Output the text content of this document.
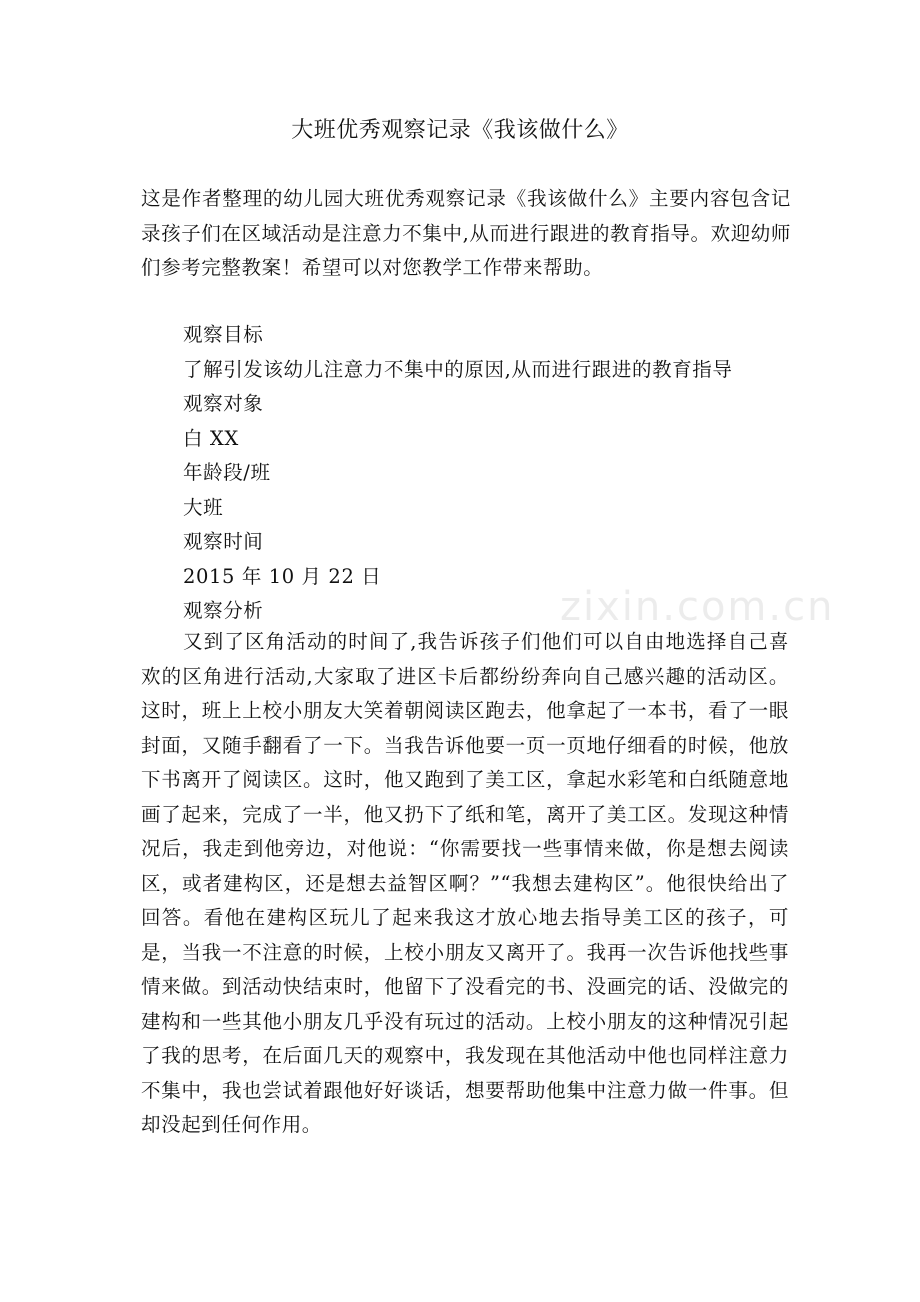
大班优秀观察记录《我该做什么》
这是作者整理的幼儿园大班优秀观察记录《我该做什么》主要内容包含记录孩子们在区域活动是注意力不集中,从而进行跟进的教育指导。欢迎幼师们参考完整教案！希望可以对您教学工作带来帮助。
观察目标
了解引发该幼儿注意力不集中的原因,从而进行跟进的教育指导
观察对象
白 XX
年龄段/班
大班
观察时间
2015 年 10 月 22 日
观察分析	zixin.com.cn
又到了区角活动的时间了,我告诉孩子们他们可以自由地选择自己喜欢的区角进行活动,大家取了进区卡后都纷纷奔向自己感兴趣的活动区。这时，班上上校小朋友大笑着朝阅读区跑去，他拿起了一本书，看了一眼封面，又随手翻看了一下。当我告诉他要一页一页地仔细看的时候，他放下书离开了阅读区。这时，他又跑到了美工区，拿起水彩笔和白纸随意地画了起来，完成了一半，他又扔下了纸和笔，离开了美工区。发现这种情况后，我走到他旁边，对他说：“你需要找一些事情来做，你是想去阅读区，或者建构区，还是想去益智区啊？”“我想去建构区”。他很快给出了回答。看他在建构区玩儿了起来我这才放心地去指导美工区的孩子，可是，当我一不注意的时候，上校小朋友又离开了。我再一次告诉他找些事情来做。到活动快结束时，他留下了没看完的书、没画完的话、没做完的建构和一些其他小朋友几乎没有玩过的活动。上校小朋友的这种情况引起了我的思考，在后面几天的观察中，我发现在其他活动中他也同样注意力不集中，我也尝试着跟他好好谈话，想要帮助他集中注意力做一件事。但却没起到任何作用。
